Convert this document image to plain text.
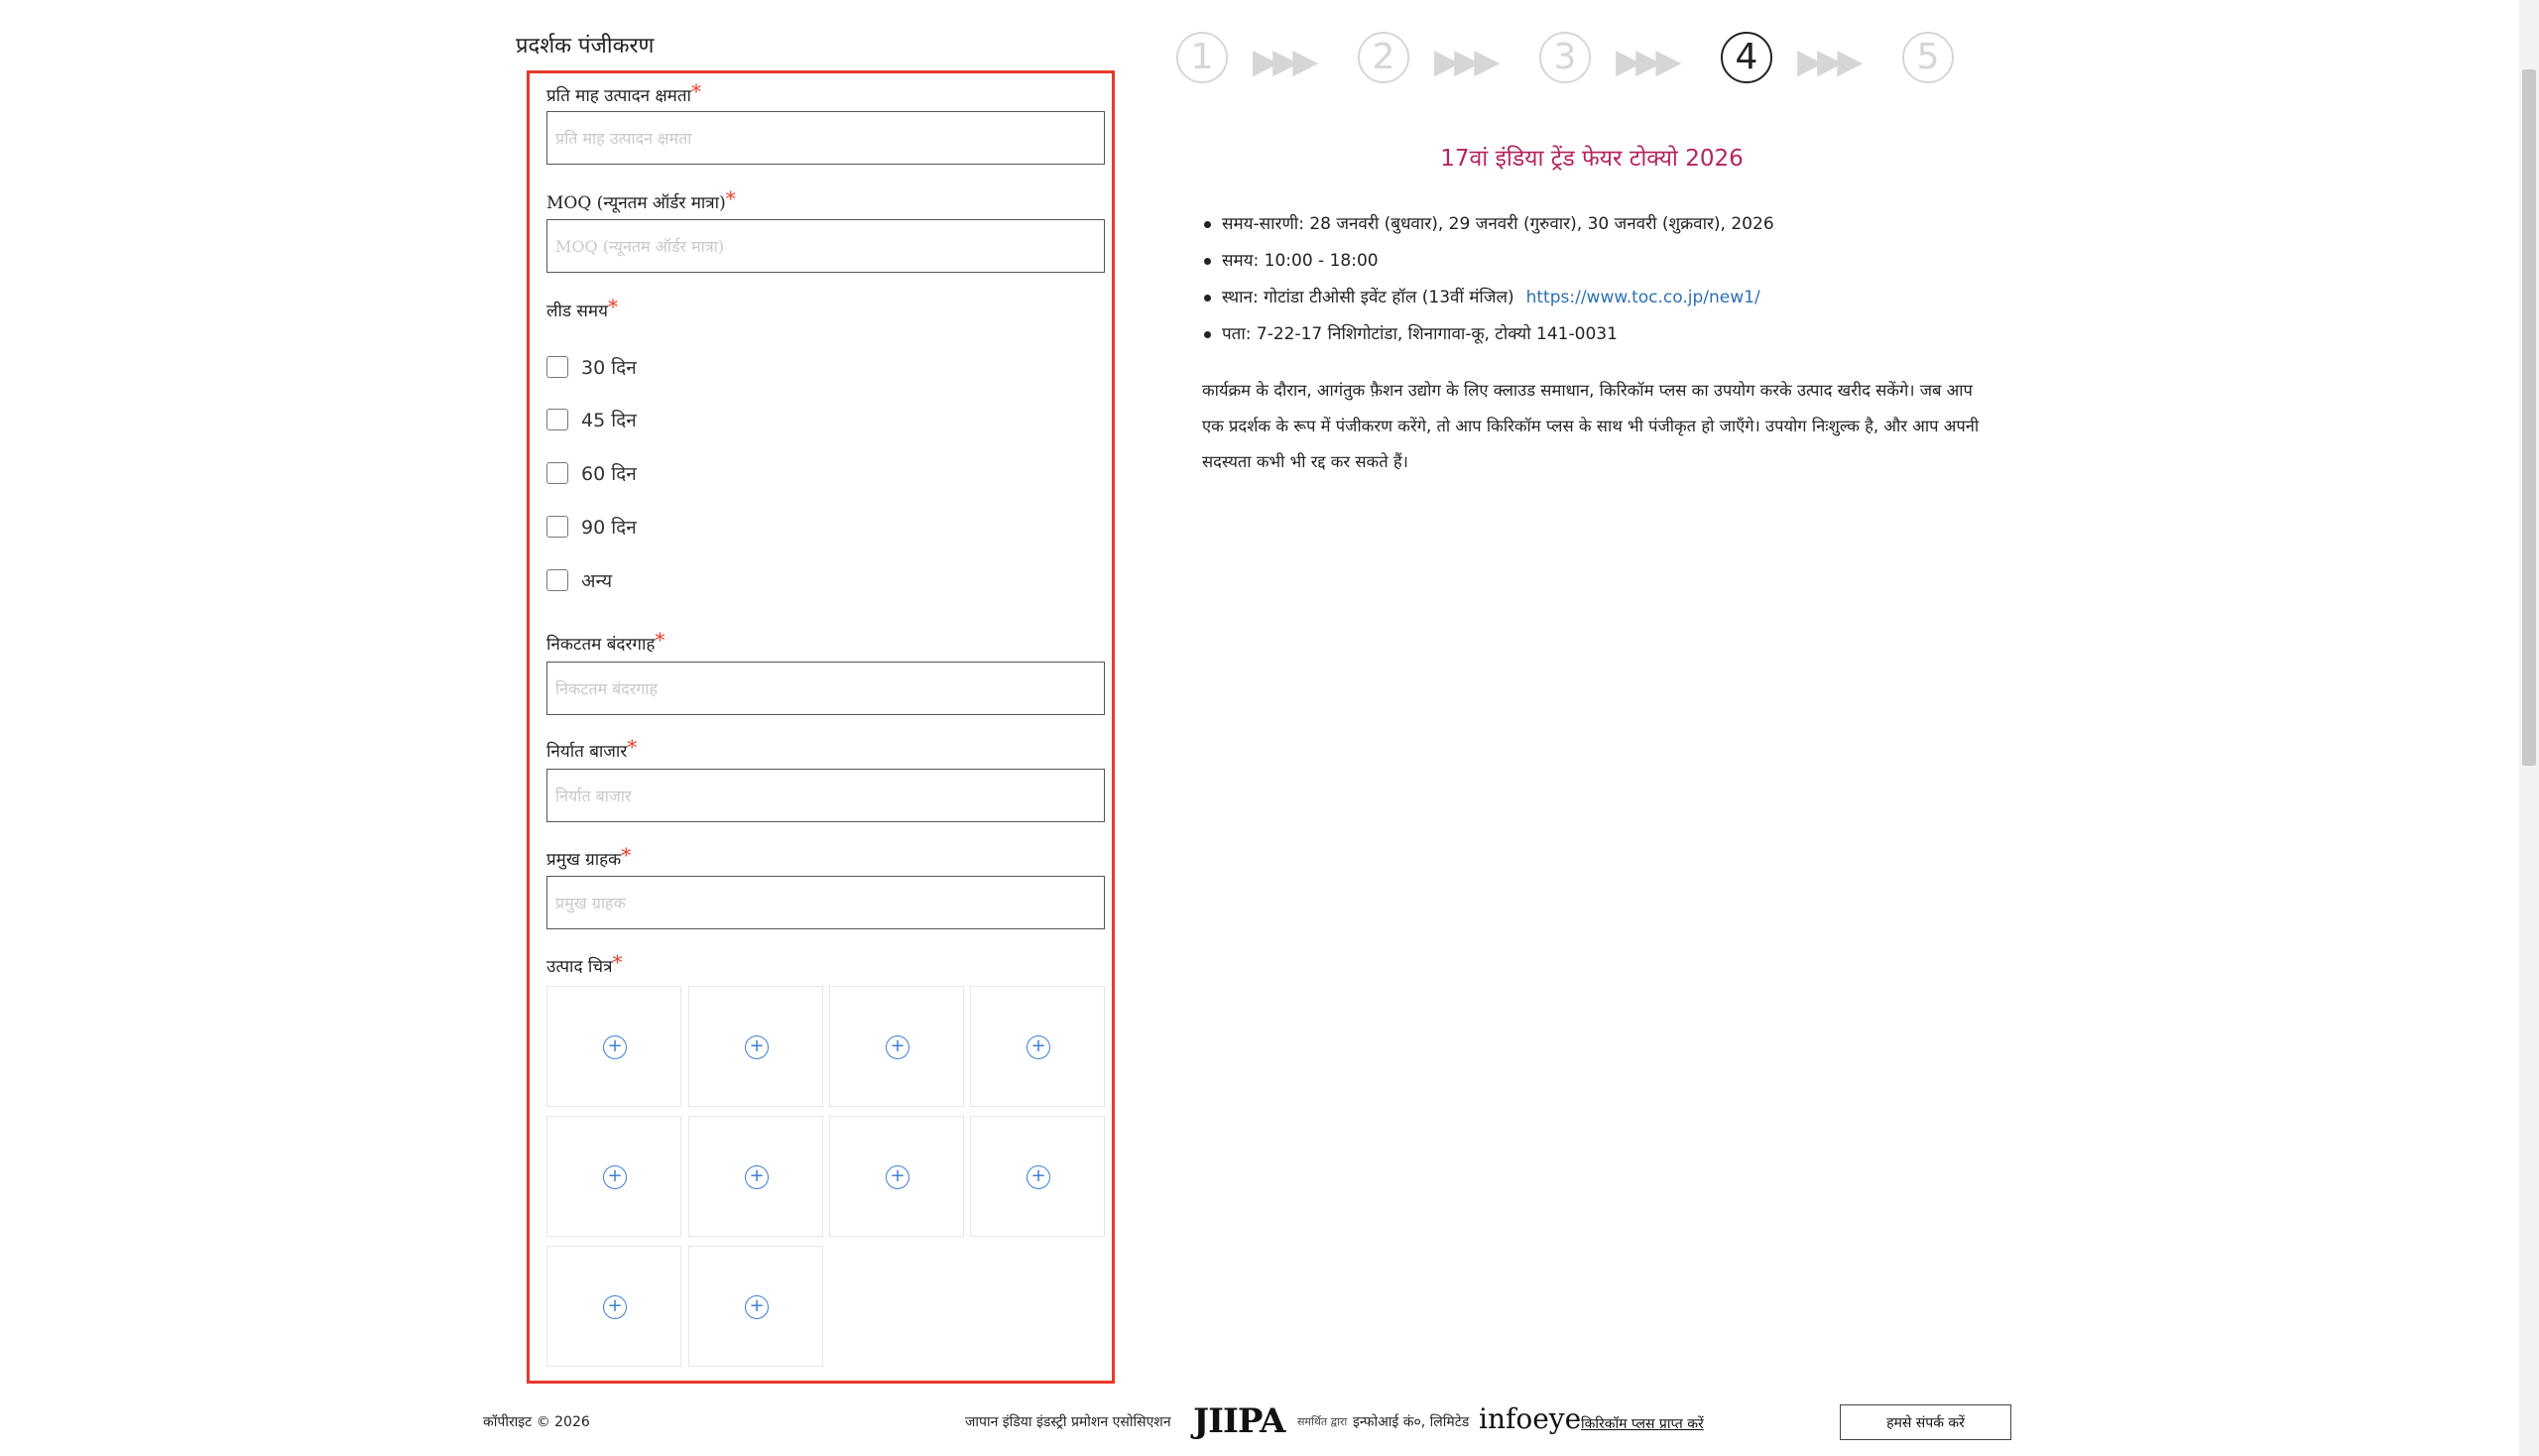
प्रदर्शक पंजीकरण
प्रति माह उत्पादन क्षमता*
प्रति माह उत्पादन क्षमता
MOQ (न्यूनतम ऑर्डर मात्रा)*
MOQ (न्यूनतम ऑर्डर मात्रा)
लीड समय*
30 दिन
45 दिन
60 दिन
90 दिन
अन्य
निकटतम बंदरगाह*
निकटतम बंदरगाह
निर्यात बाजार*
निर्यात बाजार
प्रमुख ग्राहक*
प्रमुख ग्राहक
उत्पाद चित्र*
+	+	+	+
+	+	+	+
+	+
1	▶▶▶	2	▶▶▶	3	▶▶▶	4	▶▶▶	5
17वां इंडिया ट्रेंड फेयर टोक्यो 2026
समय-सारणी: 28 जनवरी (बुधवार), 29 जनवरी (गुरुवार), 30 जनवरी (शुक्रवार), 2026
समय: 10:00 - 18:00
स्थान: गोटांडा टीओसी इवेंट हॉल (13वीं मंजिल) https://www.toc.co.jp/new1/
पता: 7-22-17 निशिगोटांडा, शिनागावा-कू, टोक्यो 141-0031
कार्यक्रम के दौरान, आगंतुक फ़ैशन उद्योग के लिए क्लाउड समाधान, किरिकॉम प्लस का उपयोग करके उत्पाद खरीद सकेंगे। जब आप एक प्रदर्शक के रूप में पंजीकरण करेंगे, तो आप किरिकॉम प्लस के साथ भी पंजीकृत हो जाएँगे। उपयोग निःशुल्क है, और आप अपनी सदस्यता कभी भी रद्द कर सकते हैं।
कॉपीराइट © 2026	जापान इंडिया इंडस्ट्री प्रमोशन एसोसिएशन JIIPA समर्थित द्वारा इन्फोआई कं०, लिमिटेड infoeye किरिकॉम प्लस प्राप्त करें	हमसे संपर्क करें
